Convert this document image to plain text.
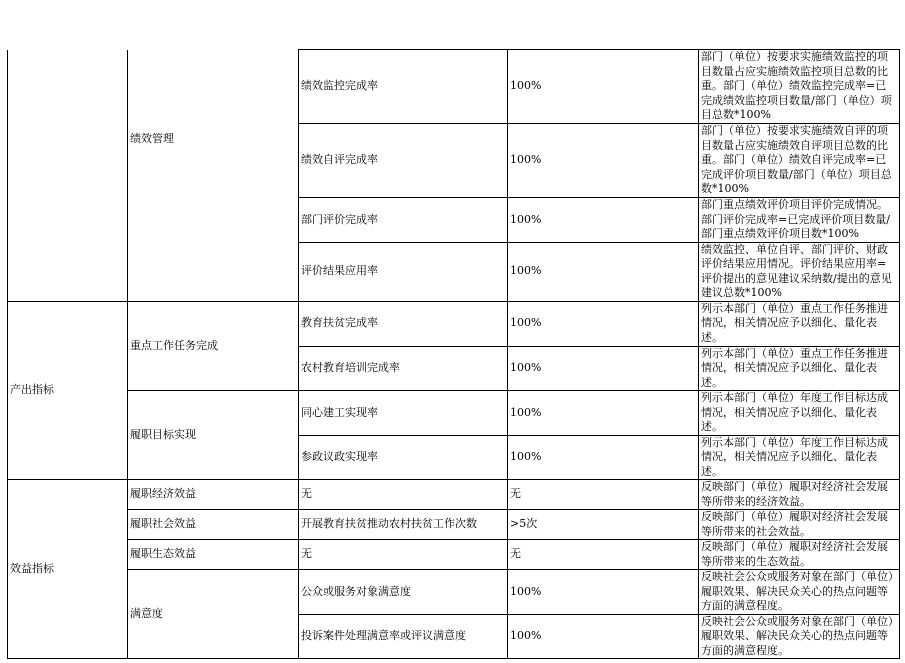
	绩效管理	绩效监控完成率	100%	部门（单位）按要求实施绩效监控的项目数量占应实施绩效监控项目总数的比重。部门（单位）绩效监控完成率=已完成绩效监控项目数量/部门（单位）项目总数*100%
		绩效自评完成率	100%	部门（单位）按要求实施绩效自评的项目数量占应实施绩效自评项目总数的比重。部门（单位）绩效自评完成率=已完成评价项目数量/部门（单位）项目总数*100%
		部门评价完成率	100%	部门重点绩效评价项目评价完成情况。部门评价完成率=已完成评价项目数量/部门重点绩效评价项目数*100%
		评价结果应用率	100%	绩效监控、单位自评、部门评价、财政评价结果应用情况。评价结果应用率=评价提出的意见建议采纳数/提出的意见建议总数*100%
产出指标	重点工作任务完成	教育扶贫完成率	100%	列示本部门（单位）重点工作任务推进情况，相关情况应予以细化、量化表述。
		农村教育培训完成率	100%	列示本部门（单位）重点工作任务推进情况，相关情况应予以细化、量化表述。
	履职目标实现	同心建工实现率	100%	列示本部门（单位）年度工作目标达成情况，相关情况应予以细化、量化表述。
		参政议政实现率	100%	列示本部门（单位）年度工作目标达成情况，相关情况应予以细化、量化表述。
效益指标	履职经济效益	无	无	反映部门（单位）履职对经济社会发展等所带来的经济效益。
	履职社会效益	开展教育扶贫推动农村扶贫工作次数	>5次	反映部门（单位）履职对经济社会发展等所带来的社会效益。
	履职生态效益	无	无	反映部门（单位）履职对经济社会发展等所带来的生态效益。
	满意度	公众或服务对象满意度	100%	反映社会公众或服务对象在部门（单位）履职效果、解决民众关心的热点问题等方面的满意程度。
		投诉案件处理满意率或评议满意度	100%	反映社会公众或服务对象在部门（单位）履职效果、解决民众关心的热点问题等方面的满意程度。
